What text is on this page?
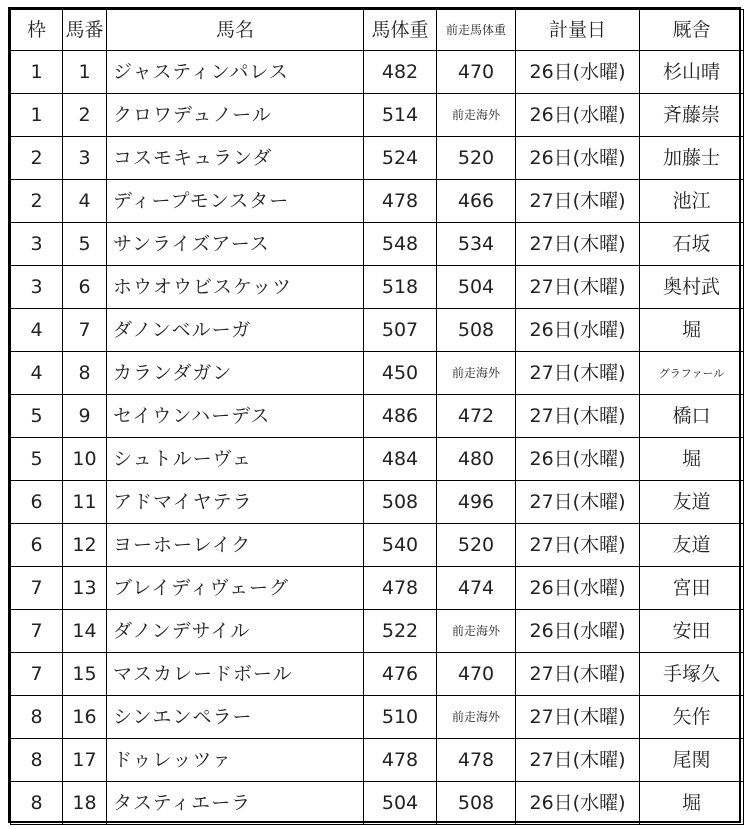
枠	馬番	馬名	馬体重	前走馬体重	計量日	厩舎
1	1	ジャスティンパレス	482	470	26日(水曜)	杉山晴
1	2	クロワデュノール	514	前走海外	26日(水曜)	斉藤崇
2	3	コスモキュランダ	524	520	26日(水曜)	加藤士
2	4	ディープモンスター	478	466	27日(木曜)	池江
3	5	サンライズアース	548	534	27日(木曜)	石坂
3	6	ホウオウビスケッツ	518	504	27日(木曜)	奥村武
4	7	ダノンベルーガ	507	508	26日(水曜)	堀
4	8	カランダガン	450	前走海外	27日(木曜)	グラファール
5	9	セイウンハーデス	486	472	27日(木曜)	橋口
5	10	シュトルーヴェ	484	480	26日(水曜)	堀
6	11	アドマイヤテラ	508	496	27日(木曜)	友道
6	12	ヨーホーレイク	540	520	27日(木曜)	友道
7	13	ブレイディヴェーグ	478	474	26日(水曜)	宮田
7	14	ダノンデサイル	522	前走海外	26日(水曜)	安田
7	15	マスカレードボール	476	470	27日(木曜)	手塚久
8	16	シンエンペラー	510	前走海外	27日(木曜)	矢作
8	17	ドゥレッツァ	478	478	27日(木曜)	尾関
8	18	タスティエーラ	504	508	26日(水曜)	堀
